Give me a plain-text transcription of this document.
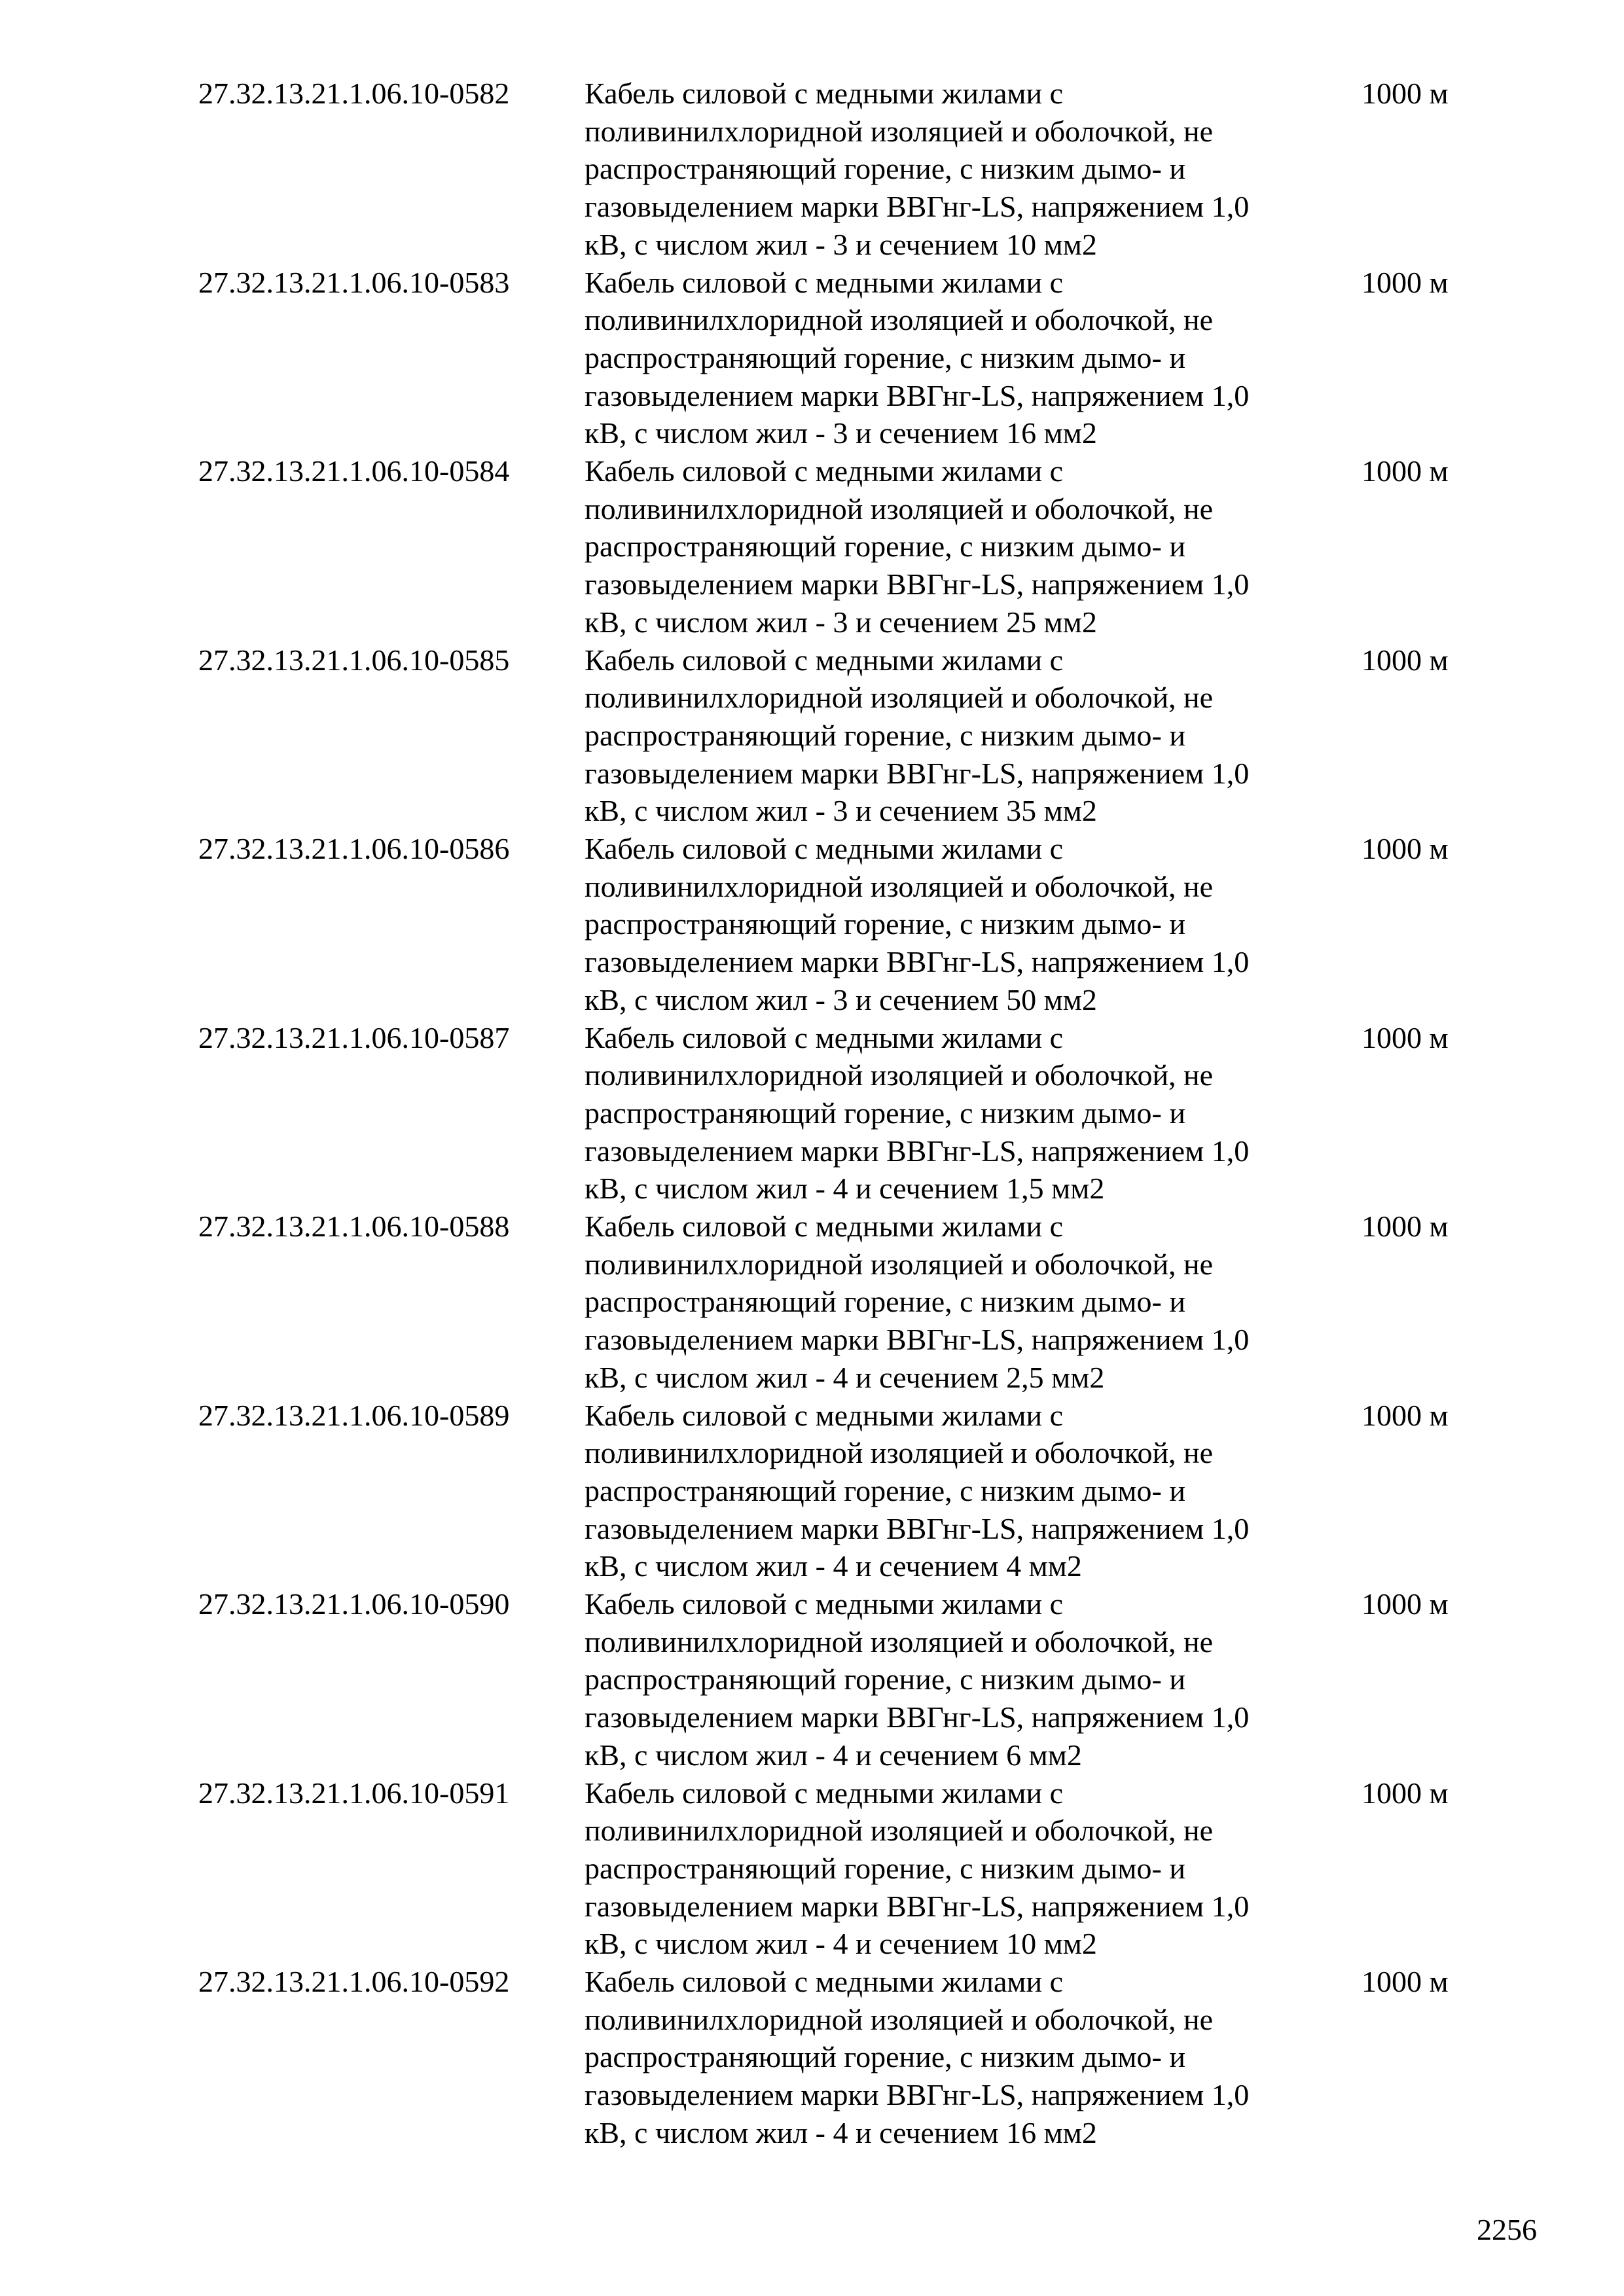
27.32.13.21.1.06.10-0582 Кабель силовой с медными жилами с
поливинилхлоридной изоляцией и оболочкой, не
распространяющий горение, с низким дымо- и
газовыделением марки ВВГнг-LS, напряжением 1,0
кВ, с числом жил - 3 и сечением 10 мм2
1000 м
27.32.13.21.1.06.10-0583 Кабель силовой с медными жилами с
поливинилхлоридной изоляцией и оболочкой, не
распространяющий горение, с низким дымо- и
газовыделением марки ВВГнг-LS, напряжением 1,0
кВ, с числом жил - 3 и сечением 16 мм2
1000 м
27.32.13.21.1.06.10-0584 Кабель силовой с медными жилами с
поливинилхлоридной изоляцией и оболочкой, не
распространяющий горение, с низким дымо- и
газовыделением марки ВВГнг-LS, напряжением 1,0
кВ, с числом жил - 3 и сечением 25 мм2
1000 м
27.32.13.21.1.06.10-0585 Кабель силовой с медными жилами с
поливинилхлоридной изоляцией и оболочкой, не
распространяющий горение, с низким дымо- и
газовыделением марки ВВГнг-LS, напряжением 1,0
кВ, с числом жил - 3 и сечением 35 мм2
1000 м
27.32.13.21.1.06.10-0586 Кабель силовой с медными жилами с
поливинилхлоридной изоляцией и оболочкой, не
распространяющий горение, с низким дымо- и
газовыделением марки ВВГнг-LS, напряжением 1,0
кВ, с числом жил - 3 и сечением 50 мм2
1000 м
27.32.13.21.1.06.10-0587 Кабель силовой с медными жилами с
поливинилхлоридной изоляцией и оболочкой, не
распространяющий горение, с низким дымо- и
газовыделением марки ВВГнг-LS, напряжением 1,0
кВ, с числом жил - 4 и сечением 1,5 мм2
1000 м
27.32.13.21.1.06.10-0588 Кабель силовой с медными жилами с
поливинилхлоридной изоляцией и оболочкой, не
распространяющий горение, с низким дымо- и
газовыделением марки ВВГнг-LS, напряжением 1,0
кВ, с числом жил - 4 и сечением 2,5 мм2
1000 м
27.32.13.21.1.06.10-0589 Кабель силовой с медными жилами с
поливинилхлоридной изоляцией и оболочкой, не
распространяющий горение, с низким дымо- и
газовыделением марки ВВГнг-LS, напряжением 1,0
кВ, с числом жил - 4 и сечением 4 мм2
1000 м
27.32.13.21.1.06.10-0590 Кабель силовой с медными жилами с
поливинилхлоридной изоляцией и оболочкой, не
распространяющий горение, с низким дымо- и
газовыделением марки ВВГнг-LS, напряжением 1,0
кВ, с числом жил - 4 и сечением 6 мм2
1000 м
27.32.13.21.1.06.10-0591 Кабель силовой с медными жилами с
поливинилхлоридной изоляцией и оболочкой, не
распространяющий горение, с низким дымо- и
газовыделением марки ВВГнг-LS, напряжением 1,0
кВ, с числом жил - 4 и сечением 10 мм2
1000 м
27.32.13.21.1.06.10-0592 Кабель силовой с медными жилами с
поливинилхлоридной изоляцией и оболочкой, не
распространяющий горение, с низким дымо- и
газовыделением марки ВВГнг-LS, напряжением 1,0
кВ, с числом жил - 4 и сечением 16 мм2
1000 м
2256
